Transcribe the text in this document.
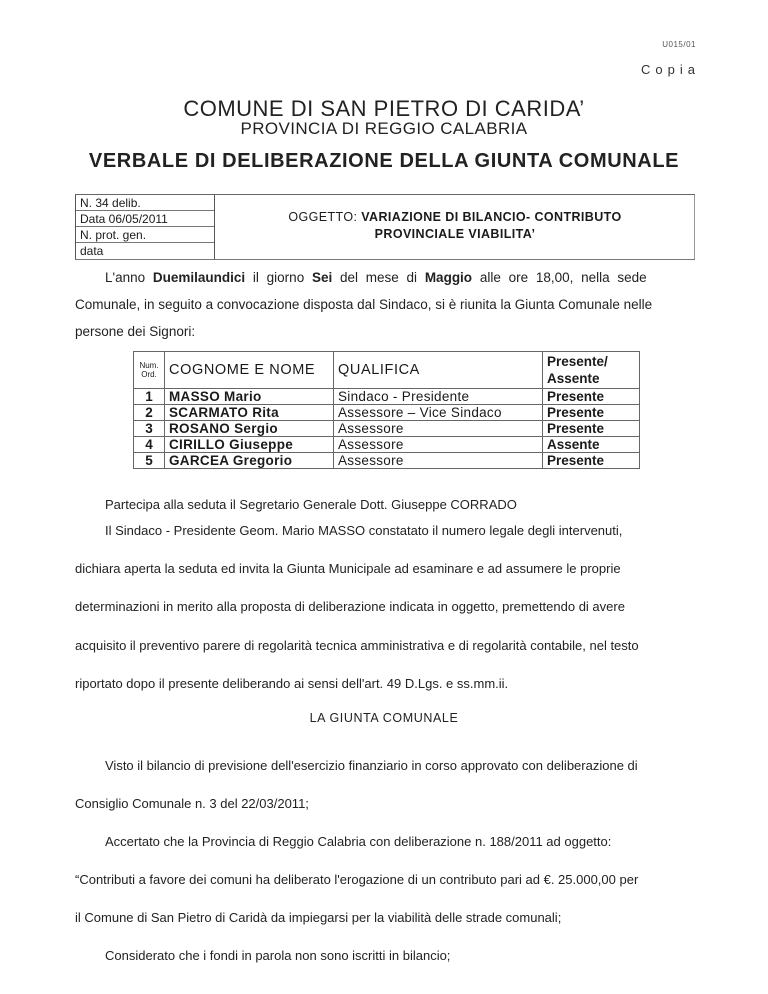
U015/01
Copia
COMUNE DI SAN PIETRO DI CARIDA’
PROVINCIA DI REGGIO CALABRIA
VERBALE DI DELIBERAZIONE DELLA GIUNTA COMUNALE
N. 34 delib.
Data 06/05/2011
N. prot. gen.
data
OGGETTO: VARIAZIONE DI BILANCIO- CONTRIBUTO
PROVINCIALE VIABILITA’
L'anno Duemilaundici il giorno Sei del mese di Maggio alle ore 18,00, nella sede
Comunale, in seguito a convocazione disposta dal Sindaco, si è riunita la Giunta Comunale nelle
persone dei Signori:
Num. Ord.	COGNOME E NOME	QUALIFICA	Presente/ Assente
1	MASSO Mario	Sindaco - Presidente	Presente
2	SCARMATO Rita	Assessore – Vice Sindaco	Presente
3	ROSANO Sergio	Assessore	Presente
4	CIRILLO Giuseppe	Assessore	Assente
5	GARCEA Gregorio	Assessore	Presente
Partecipa alla seduta il Segretario Generale Dott. Giuseppe CORRADO
Il Sindaco - Presidente Geom. Mario MASSO constatato il numero legale degli intervenuti,
dichiara aperta la seduta ed invita la Giunta Municipale ad esaminare e ad assumere le proprie
determinazioni in merito alla proposta di deliberazione indicata in oggetto, premettendo di avere
acquisito il preventivo parere di regolarità tecnica amministrativa e di regolarità contabile, nel testo
riportato dopo il presente deliberando ai sensi dell'art. 49 D.Lgs. e ss.mm.ii.
LA GIUNTA COMUNALE
Visto il bilancio di previsione dell'esercizio finanziario in corso approvato con deliberazione di
Consiglio Comunale n. 3 del 22/03/2011;
Accertato che la Provincia di Reggio Calabria con deliberazione n. 188/2011 ad oggetto:
“Contributi a favore dei comuni ha deliberato l'erogazione di un contributo pari ad €. 25.000,00 per
il Comune di San Pietro di Caridà da impiegarsi per la viabilità delle strade comunali;
Considerato che i fondi in parola non sono iscritti in bilancio;
